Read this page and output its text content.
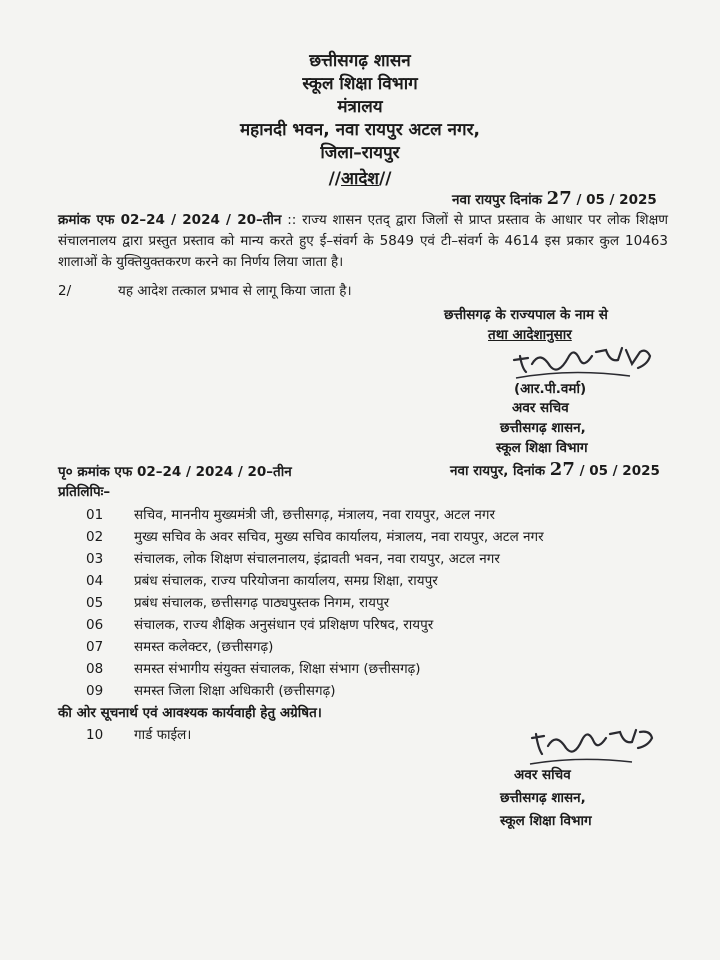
छत्तीसगढ़ शासन
स्कूल शिक्षा विभाग
मंत्रालय
महानदी भवन, नवा रायपुर अटल नगर,
जिला–रायपुर
//आदेश//
नवा रायपुर दिनांक 27 / 05 / 2025
क्रमांक एफ 02–24 / 2024 / 20–तीन :: राज्य शासन एतद् द्वारा जिलों से प्राप्त प्रस्ताव के आधार पर लोक शिक्षण संचालनालय द्वारा प्रस्तुत प्रस्ताव को मान्य करते हुए ई–संवर्ग के 5849 एवं टी–संवर्ग के 4614 इस प्रकार कुल 10463 शालाओं के युक्तियुक्तकरण करने का निर्णय लिया जाता है।
2/	यह आदेश तत्काल प्रभाव से लागू किया जाता है।
छत्तीसगढ़ के राज्यपाल के नाम से
तथा आदेशानुसार
(आर.पी.वर्मा)
अवर सचिव
छत्तीसगढ़ शासन,
स्कूल शिक्षा विभाग
पृ० क्रमांक एफ 02–24 / 2024 / 20–तीन	नवा रायपुर, दिनांक 27 / 05 / 2025
प्रतिलिपिः–
01 सचिव, माननीय मुख्यमंत्री जी, छत्तीसगढ़, मंत्रालय, नवा रायपुर, अटल नगर
02 मुख्य सचिव के अवर सचिव, मुख्य सचिव कार्यालय, मंत्रालय, नवा रायपुर, अटल नगर
03 संचालक, लोक शिक्षण संचालनालय, इंद्रावती भवन, नवा रायपुर, अटल नगर
04 प्रबंध संचालक, राज्य परियोजना कार्यालय, समग्र शिक्षा, रायपुर
05 प्रबंध संचालक, छत्तीसगढ़ पाठ्यपुस्तक निगम, रायपुर
06 संचालक, राज्य शैक्षिक अनुसंधान एवं प्रशिक्षण परिषद, रायपुर
07 समस्त कलेक्टर, (छत्तीसगढ़)
08 समस्त संभागीय संयुक्त संचालक, शिक्षा संभाग (छत्तीसगढ़)
09 समस्त जिला शिक्षा अधिकारी (छत्तीसगढ़)
की ओर सूचनार्थ एवं आवश्यक कार्यवाही हेतु अग्रेषित।
10 गार्ड फाईल।
अवर सचिव
छत्तीसगढ़ शासन,
स्कूल शिक्षा विभाग
